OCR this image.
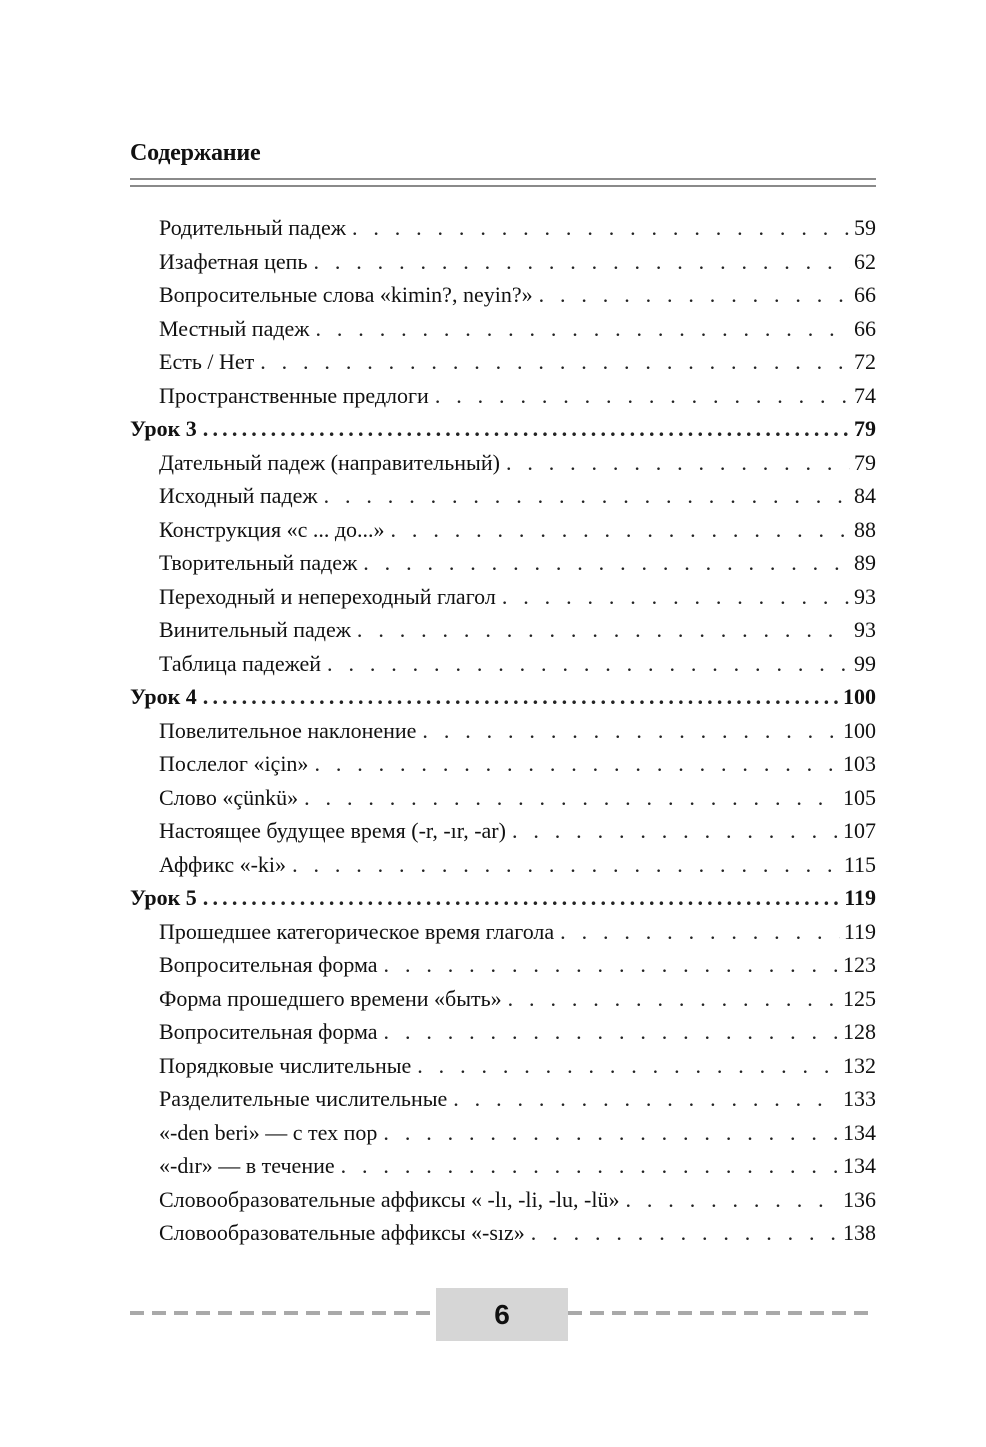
Содержание
Родительный падеж . . .	59
Изафетная цепь . . .	62
Вопросительные слова «kimin?, neyin?» . . .	66
Местный падеж . . .	66
Есть / Нет . . .	72
Пространственные предлоги . . .	74
Урок 3 .....	79
Дательный падеж (направительный) . . .	79
Исходный падеж . . .	84
Конструкция «с ... до...» . . .	88
Творительный падеж . . .	89
Переходный и непереходный глагол . . .	93
Винительный падеж . . .	93
Таблица падежей . . .	99
Урок 4 .....	100
Повелительное наклонение . . .	100
Послелог «için» . . .	103
Слово «çünkü» . . .	105
Настоящее будущее время (-r, -ır, -ar) . . .	107
Аффикс «-ki» . . .	115
Урок 5 .....	119
Прошедшее категорическое время глагола . . .	119
Вопросительная форма . . .	123
Форма прошедшего времени «быть» . . .	125
Вопросительная форма . . .	128
Порядковые числительные . . .	132
Разделительные числительные . . .	133
«-den beri» — с тех пор . . .	134
«-dır» — в течение . . .	134
Словообразовательные аффиксы « -lı, -li, -lu, -lü» . . .	136
Словообразовательные аффиксы «-sız» . . .	138
6
